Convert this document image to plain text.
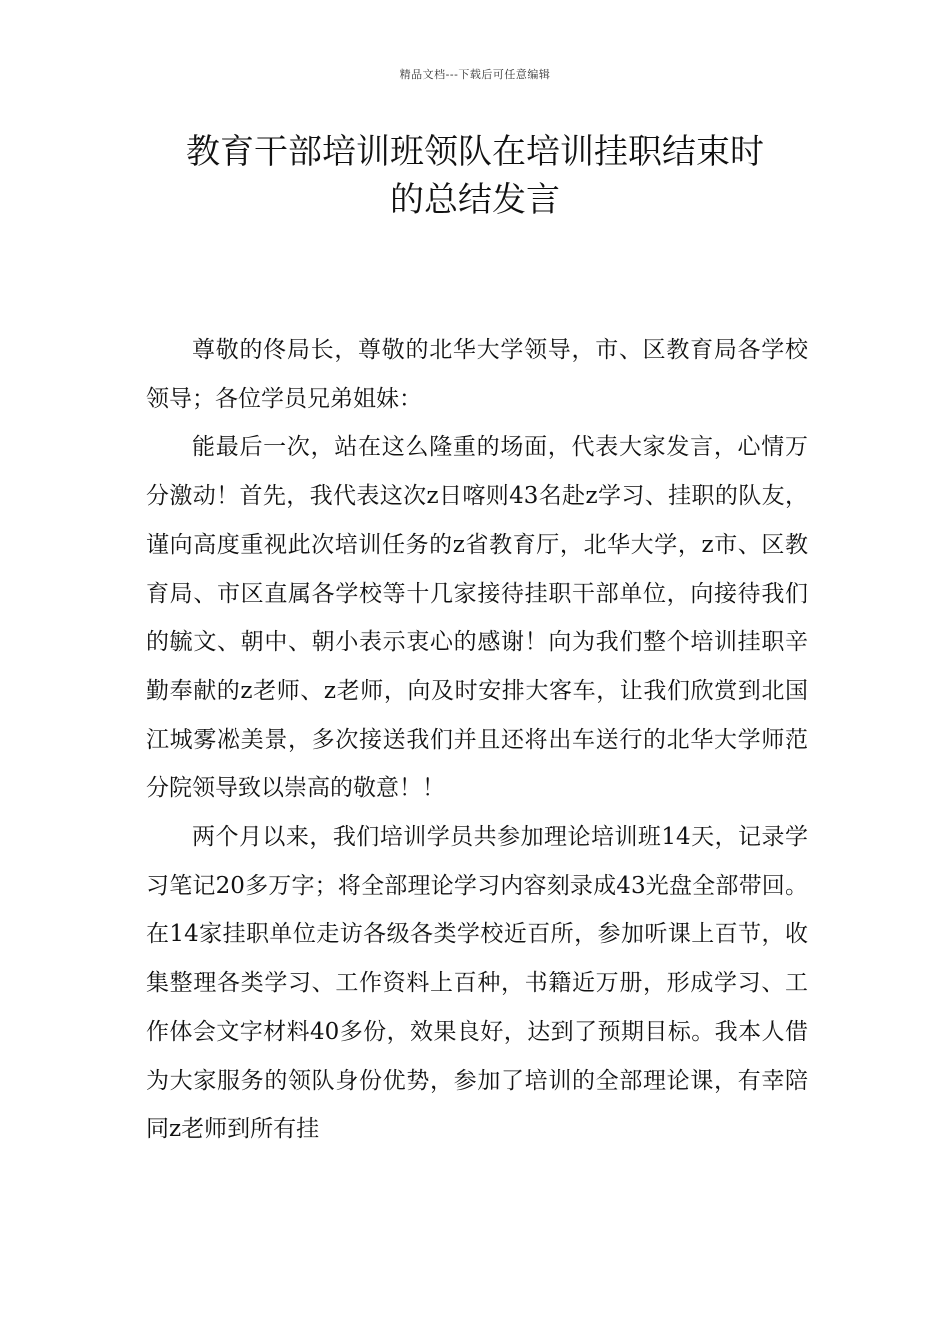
精品文档---下载后可任意编辑
教育干部培训班领队在培训挂职结束时
的总结发言

尊敬的佟局长，尊敬的北华大学领导，市、区教育局各学校领导；各位学员兄弟姐妹：

能最后一次，站在这么隆重的场面，代表大家发言，心情万分激动！首先，我代表这次z日喀则43名赴z学习、挂职的队友，谨向高度重视此次培训任务的z省教育厅，北华大学，z市、区教育局、市区直属各学校等十几家接待挂职干部单位，向接待我们的毓文、朝中、朝小表示衷心的感谢！向为我们整个培训挂职辛勤奉献的z老师、z老师，向及时安排大客车，让我们欣赏到北国江城雾凇美景，多次接送我们并且还将出车送行的北华大学师范分院领导致以崇高的敬意！！

两个月以来，我们培训学员共参加理论培训班14天，记录学习笔记20多万字；将全部理论学习内容刻录成43光盘全部带回。在14家挂职单位走访各级各类学校近百所，参加听课上百节，收集整理各类学习、工作资料上百种，书籍近万册，形成学习、工作体会文字材料40多份，效果良好，达到了预期目标。我本人借为大家服务的领队身份优势，参加了培训的全部理论课，有幸陪同z老师到所有挂
